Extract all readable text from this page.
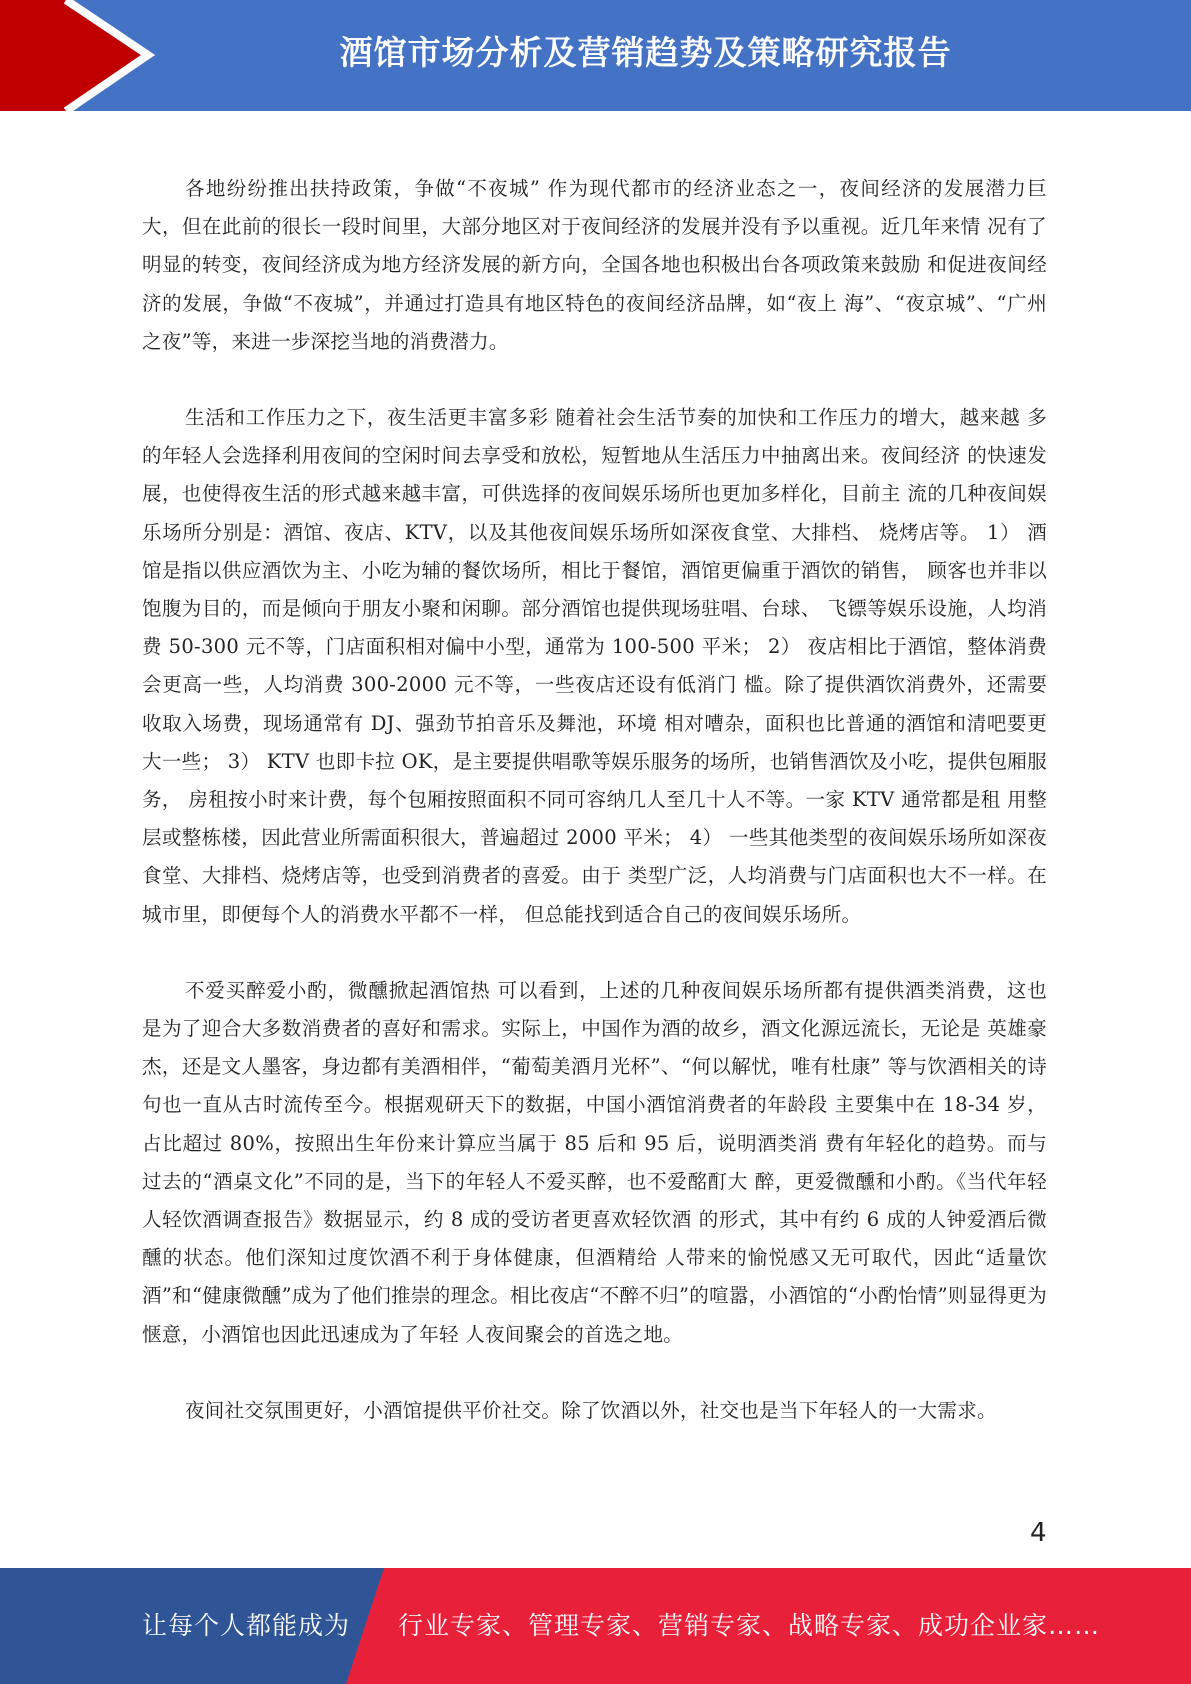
酒馆市场分析及营销趋势及策略研究报告

各地纷纷推出扶持政策，争做“不夜城” 作为现代都市的经济业态之一，夜间经济的发展潜力巨 大，但在此前的很长一段时间里，大部分地区对于夜间经济的发展并没有予以重视。近几年来情 况有了明显的转变，夜间经济成为地方经济发展的新方向，全国各地也积极出台各项政策来鼓励 和促进夜间经济的发展，争做“不夜城”，并通过打造具有地区特色的夜间经济品牌，如“夜上 海”、“夜京城”、“广州之夜”等，来进一步深挖当地的消费潜力。

生活和工作压力之下，夜生活更丰富多彩 随着社会生活节奏的加快和工作压力的增大，越来越 多的年轻人会选择利用夜间的空闲时间去享受和放松，短暂地从生活压力中抽离出来。夜间经济 的快速发展，也使得夜生活的形式越来越丰富，可供选择的夜间娱乐场所也更加多样化，目前主 流的几种夜间娱乐场所分别是：酒馆、夜店、KTV，以及其他夜间娱乐场所如深夜食堂、大排档、 烧烤店等。 1） 酒馆是指以供应酒饮为主、小吃为辅的餐饮场所，相比于餐馆，酒馆更偏重于酒饮的销售， 顾客也并非以饱腹为目的，而是倾向于朋友小聚和闲聊。部分酒馆也提供现场驻唱、台球、 飞镖等娱乐设施，人均消费 50-300 元不等，门店面积相对偏中小型，通常为 100-500 平米； 2） 夜店相比于酒馆，整体消费会更高一些，人均消费 300-2000 元不等，一些夜店还设有低消门 槛。除了提供酒饮消费外，还需要收取入场费，现场通常有 DJ、强劲节拍音乐及舞池，环境 相对嘈杂，面积也比普通的酒馆和清吧要更大一些； 3） KTV 也即卡拉 OK，是主要提供唱歌等娱乐服务的场所，也销售酒饮及小吃，提供包厢服务， 房租按小时来计费，每个包厢按照面积不同可容纳几人至几十人不等。一家 KTV 通常都是租 用整层或整栋楼，因此营业所需面积很大，普遍超过 2000 平米； 4） 一些其他类型的夜间娱乐场所如深夜食堂、大排档、烧烤店等，也受到消费者的喜爱。由于 类型广泛，人均消费与门店面积也大不一样。在城市里，即便每个人的消费水平都不一样， 但总能找到适合自己的夜间娱乐场所。

不爱买醉爱小酌，微醺掀起酒馆热 可以看到，上述的几种夜间娱乐场所都有提供酒类消费，这也 是为了迎合大多数消费者的喜好和需求。实际上，中国作为酒的故乡，酒文化源远流长，无论是 英雄豪杰，还是文人墨客，身边都有美酒相伴，“葡萄美酒月光杯”、“何以解忧，唯有杜康” 等与饮酒相关的诗句也一直从古时流传至今。根据观研天下的数据，中国小酒馆消费者的年龄段 主要集中在 18-34 岁，占比超过 80%，按照出生年份来计算应当属于 85 后和 95 后，说明酒类消 费有年轻化的趋势。而与过去的“酒桌文化”不同的是，当下的年轻人不爱买醉，也不爱酩酊大 醉，更爱微醺和小酌。《当代年轻人轻饮酒调查报告》数据显示，约 8 成的受访者更喜欢轻饮酒 的形式，其中有约 6 成的人钟爱酒后微醺的状态。他们深知过度饮酒不利于身体健康，但酒精给 人带来的愉悦感又无可取代，因此“适量饮酒”和“健康微醺”成为了他们推崇的理念。相比夜店“不醉不归”的喧嚣，小酒馆的“小酌怡情”则显得更为惬意，小酒馆也因此迅速成为了年轻 人夜间聚会的首选之地。

夜间社交氛围更好，小酒馆提供平价社交。除了饮酒以外，社交也是当下年轻人的一大需求。

4
让每个人都能成为 行业专家、管理专家、营销专家、战略专家、成功企业家……
